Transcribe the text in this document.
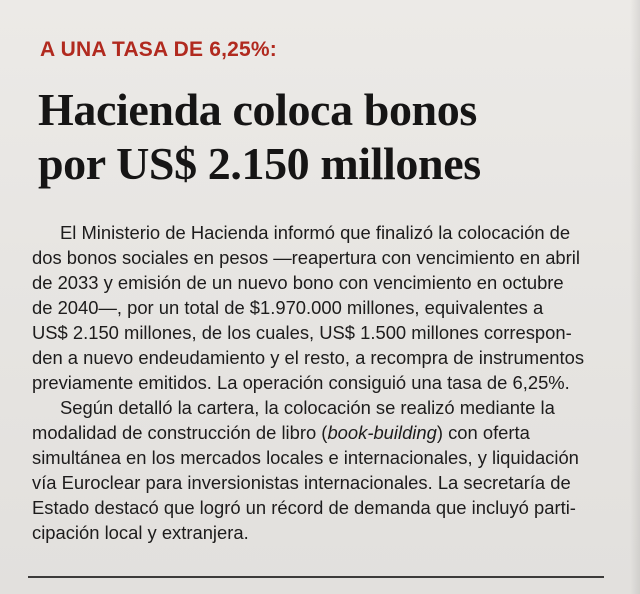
A UNA TASA DE 6,25%:
Hacienda coloca bonos
por US$ 2.150 millones
El Ministerio de Hacienda informó que finalizó la colocación de
dos bonos sociales en pesos —reapertura con vencimiento en abril
de 2033 y emisión de un nuevo bono con vencimiento en octubre
de 2040—, por un total de $1.970.000 millones, equivalentes a
US$ 2.150 millones, de los cuales, US$ 1.500 millones correspon-
den a nuevo endeudamiento y el resto, a recompra de instrumentos
previamente emitidos. La operación consiguió una tasa de 6,25%.
Según detalló la cartera, la colocación se realizó mediante la
modalidad de construcción de libro (book-building) con oferta
simultánea en los mercados locales e internacionales, y liquidación
vía Euroclear para inversionistas internacionales. La secretaría de
Estado destacó que logró un récord de demanda que incluyó parti-
cipación local y extranjera.
